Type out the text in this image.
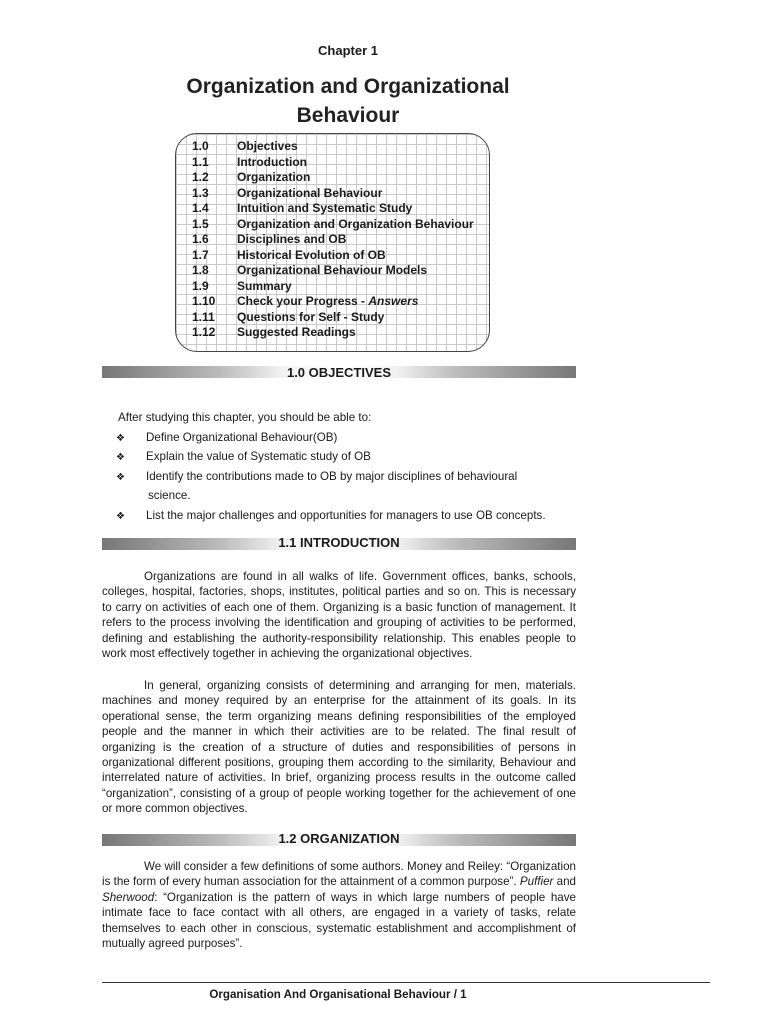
Chapter 1
Organization and Organizational
Behaviour
1.0 Objectives
1.1 Introduction
1.2 Organization
1.3 Organizational Behaviour
1.4 Intuition and Systematic Study
1.5 Organization and Organization Behaviour
1.6 Disciplines and OB
1.7 Historical Evolution of OB
1.8 Organizational Behaviour Models
1.9 Summary
1.10 Check your Progress - Answers
1.11 Questions for Self - Study
1.12 Suggested Readings
1.0 OBJECTIVES
After studying this chapter, you should be able to:
❖ Define Organizational Behaviour(OB)
❖ Explain the value of Systematic study of OB
❖ Identify the contributions made to OB by major disciplines of behavioural
science.
❖ List the major challenges and opportunities for managers to use OB concepts.
1.1 INTRODUCTION
Organizations are found in all walks of life. Government offices, banks, schools, colleges, hospital, factories, shops, institutes, political parties and so on. This is necessary to carry on activities of each one of them. Organizing is a basic function of management. It refers to the process involving the identification and grouping of activities to be performed, defining and establishing the authority-responsibility relationship. This enables people to work most effectively together in achieving the organizational objectives.
In general, organizing consists of determining and arranging for men, materials. machines and money required by an enterprise for the attainment of its goals. In its operational sense, the term organizing means defining responsibilities of the employed people and the manner in which their activities are to be related. The final result of organizing is the creation of a structure of duties and responsibilities of persons in organizational different positions, grouping them according to the similarity, Behaviour and interrelated nature of activities. In brief, organizing process results in the outcome called “organization”, consisting of a group of people working together for the achievement of one or more common objectives.
1.2 ORGANIZATION
We will consider a few definitions of some authors. Money and Reiley: “Organization is the form of every human association for the attainment of a common purpose”. Puffier and Sherwood: “Organization is the pattern of ways in which large numbers of people have intimate face to face contact with all others, are engaged in a variety of tasks, relate themselves to each other in conscious, systematic establishment and accomplishment of mutually agreed purposes”.
Organisation And Organisational Behaviour / 1
